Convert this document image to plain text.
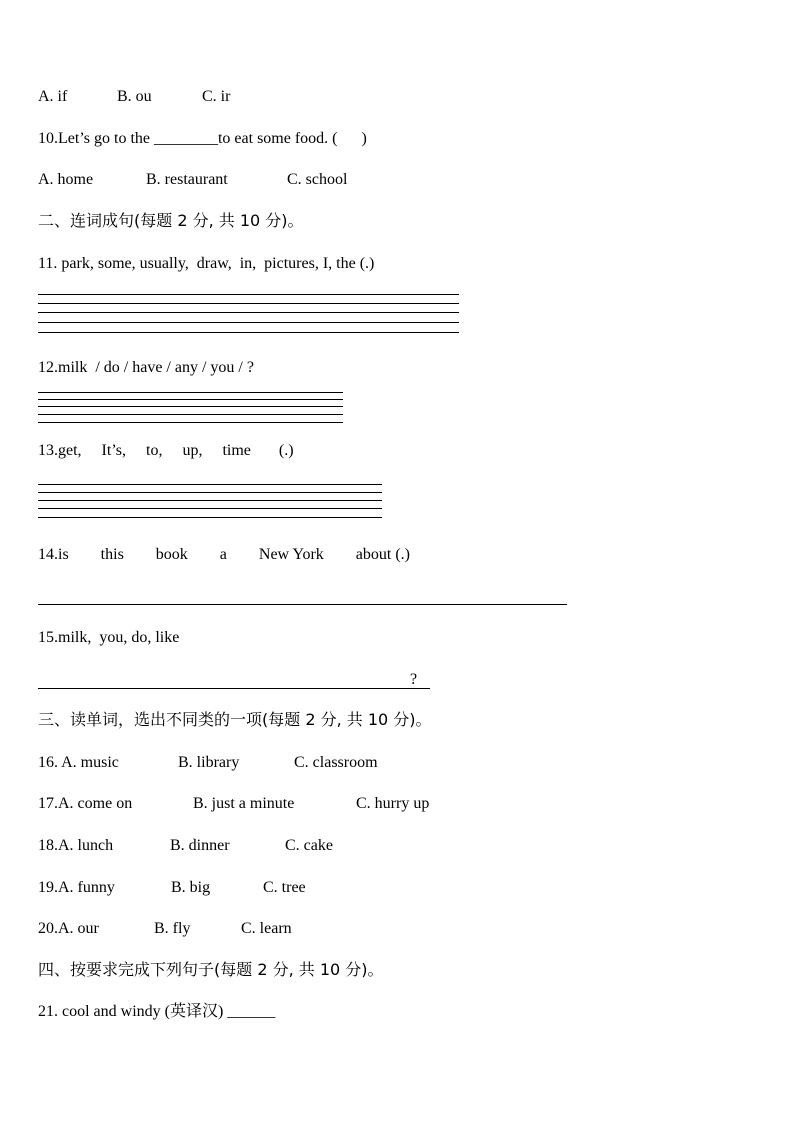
A. if	B. ou	C. ir
10.Let’s go to the ________to eat some food. (      )
A. home	B. restaurant	C. school
二、连词成句(每题 2 分, 共 10 分)。
11. park, some, usually,  draw,  in,  pictures, I, the (.)
12.milk  / do / have / any / you / ?
13.get,     It’s,     to,     up,     time       (.)
14.is        this        book        a        New York        about (.)
15.milk,  you, do, like
?
三、读单词，选出不同类的一项(每题 2 分, 共 10 分)。
16. A. music	B. library	C. classroom
17.A. come on	B. just a minute	C. hurry up
18.A. lunch	B. dinner	C. cake
19.A. funny	B. big	C. tree
20.A. our	B. fly	C. learn
四、按要求完成下列句子(每题 2 分, 共 10 分)。
21. cool and windy (英译汉) ______
